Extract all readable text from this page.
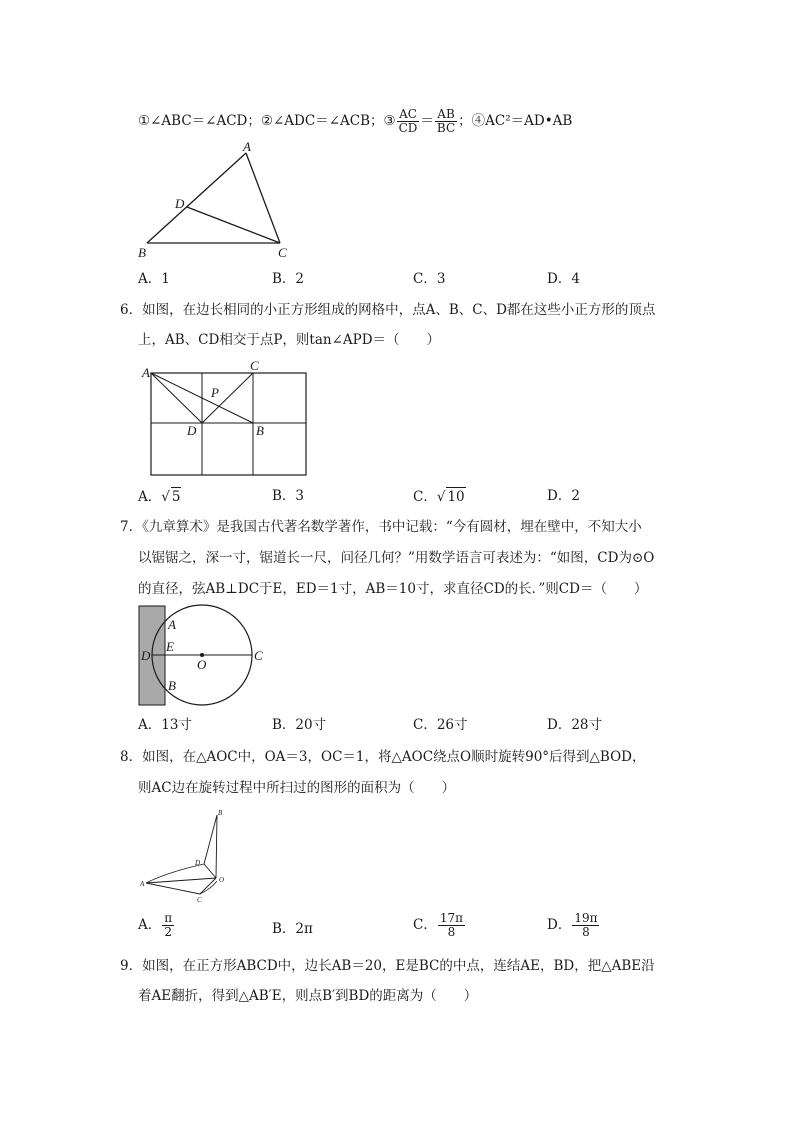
①∠ABC＝∠ACD；②∠ADC＝∠ACB；③ $\frac{AC}{CD} = \frac{AB}{BC}$ ；④AC²＝AD•AB
A
D
B	C
A．1	B．2	C．3	D．4
6．如图，在边长相同的小正方形组成的网格中，点A、B、C、D都在这些小正方形的顶点
上，AB、CD相交于点P，则tan∠APD＝（　　）
A	C
P
D	B
A．√ 5	B．3	C．√ 10	D．2
7．《九章算术》是我国古代著名数学著作，书中记载：“今有圆材，埋在壁中，不知大小
以锯锯之，深一寸，锯道长一尺，问径几何？”用数学语言可表述为：“如图，CD为⊙O
的直径，弦AB⊥DC于E，ED＝1寸，AB＝10寸，求直径CD的长．”则CD＝（　　）
A
E
D
O
C
B
A．13寸	B．20寸	C．26寸	D．28寸
8．如图，在△AOC中，OA＝3，OC＝1，将△AOC绕点O顺时旋转90°后得到△BOD，
则AC边在旋转过程中所扫过的图形的面积为（　　）
B
D
A	O
C
A． $\frac{\pi}{2}$	B．2π	C． $\frac{17\pi}{8}$	D． $\frac{19\pi}{8}$
9．如图，在正方形ABCD中，边长AB＝20，E是BC的中点，连结AE，BD，把△ABE沿
着AE翻折，得到△AB′E，则点B′到BD的距离为（　　）
